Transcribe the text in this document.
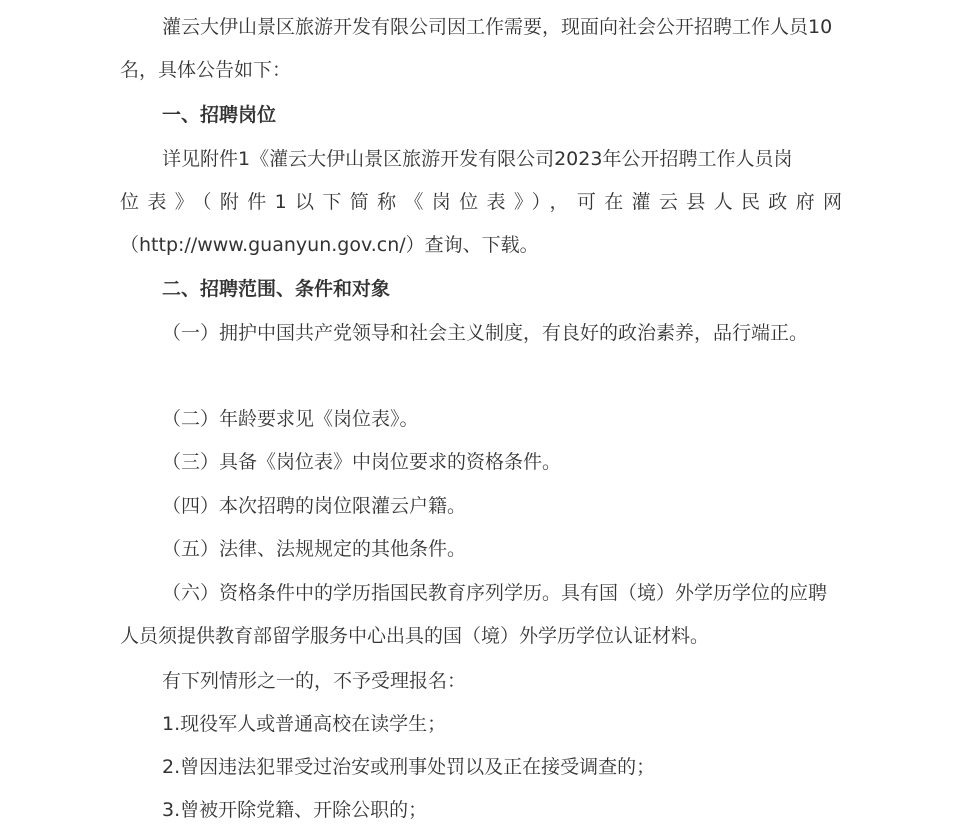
灌云大伊山景区旅游开发有限公司因工作需要，现面向社会公开招聘工作人员10名，具体公告如下：

一、招聘岗位

详见附件1《灌云大伊山景区旅游开发有限公司2023年公开招聘工作人员岗

位表》（附件1以下简称《岗位表》），可在灌云县人民政府网

（http://www.guanyun.gov.cn/）查询、下载。

二、招聘范围、条件和对象

（一）拥护中国共产党领导和社会主义制度，有良好的政治素养，品行端正。

（二）年龄要求见《岗位表》。

（三）具备《岗位表》中岗位要求的资格条件。

（四）本次招聘的岗位限灌云户籍。

（五）法律、法规规定的其他条件。

（六）资格条件中的学历指国民教育序列学历。具有国（境）外学历学位的应聘人员须提供教育部留学服务中心出具的国（境）外学历学位认证材料。

有下列情形之一的，不予受理报名：

1.现役军人或普通高校在读学生；

2.曾因违法犯罪受过治安或刑事处罚以及正在接受调查的；

3.曾被开除党籍、开除公职的；
